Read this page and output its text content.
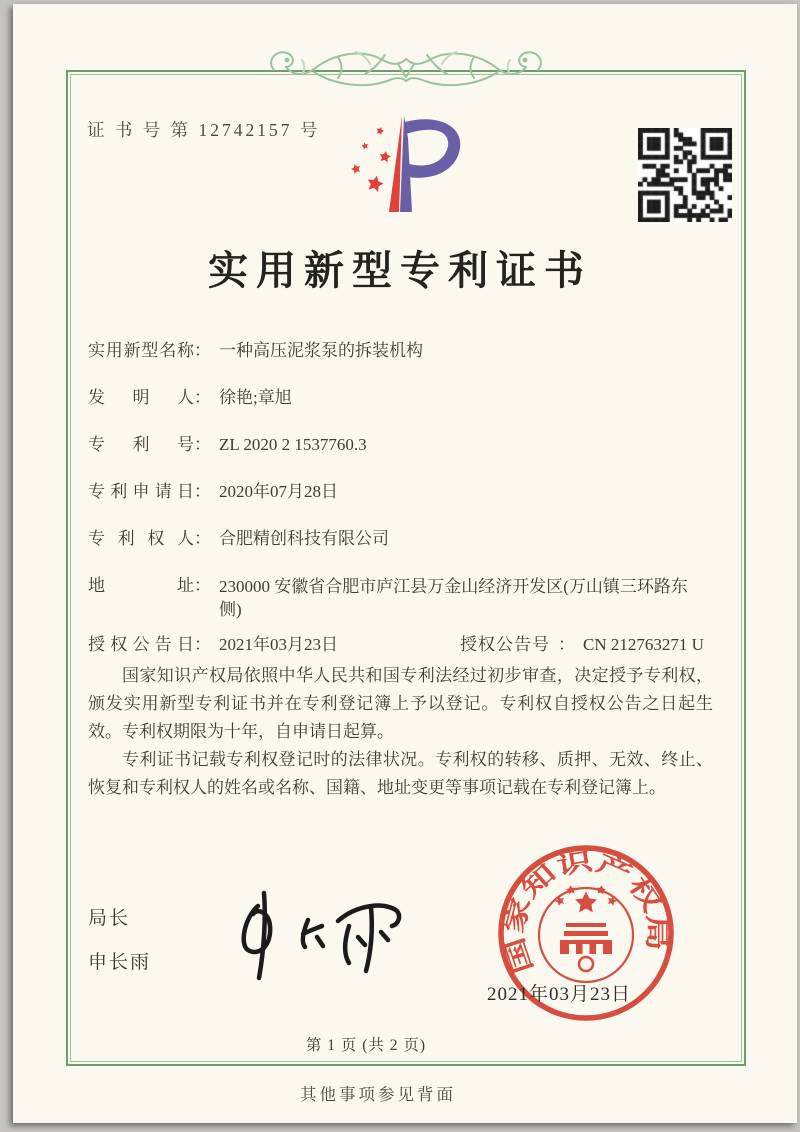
证 书 号 第 12742157 号
实用新型专利证书
实用新型名称 ： 一种高压泥浆泵的拆装机构
发明人 ： 徐艳;章旭
专利号 ： ZL 2020 2 1537760.3
专利申请日 ： 2020年07月28日
专利权人 ： 合肥精创科技有限公司
地址 ： 230000 安徽省合肥市庐江县万金山经济开发区(万山镇三环路东侧)
授权公告日 ： 2021年03月23日	授权公告号 ： CN 212763271 U

国家知识产权局依照中华人民共和国专利法经过初步审查，决定授予专利权，颁发实用新型专利证书并在专利登记簿上予以登记。专利权自授权公告之日起生效。专利权期限为十年，自申请日起算。

专利证书记载专利权登记时的法律状况。专利权的转移、质押、无效、终止、恢复和专利权人的姓名或名称、国籍、地址变更等事项记载在专利登记簿上。

局长
申长雨	国家知识产权局
2021年03月23日
第 1 页 (共 2 页)
其他事项参见背面
